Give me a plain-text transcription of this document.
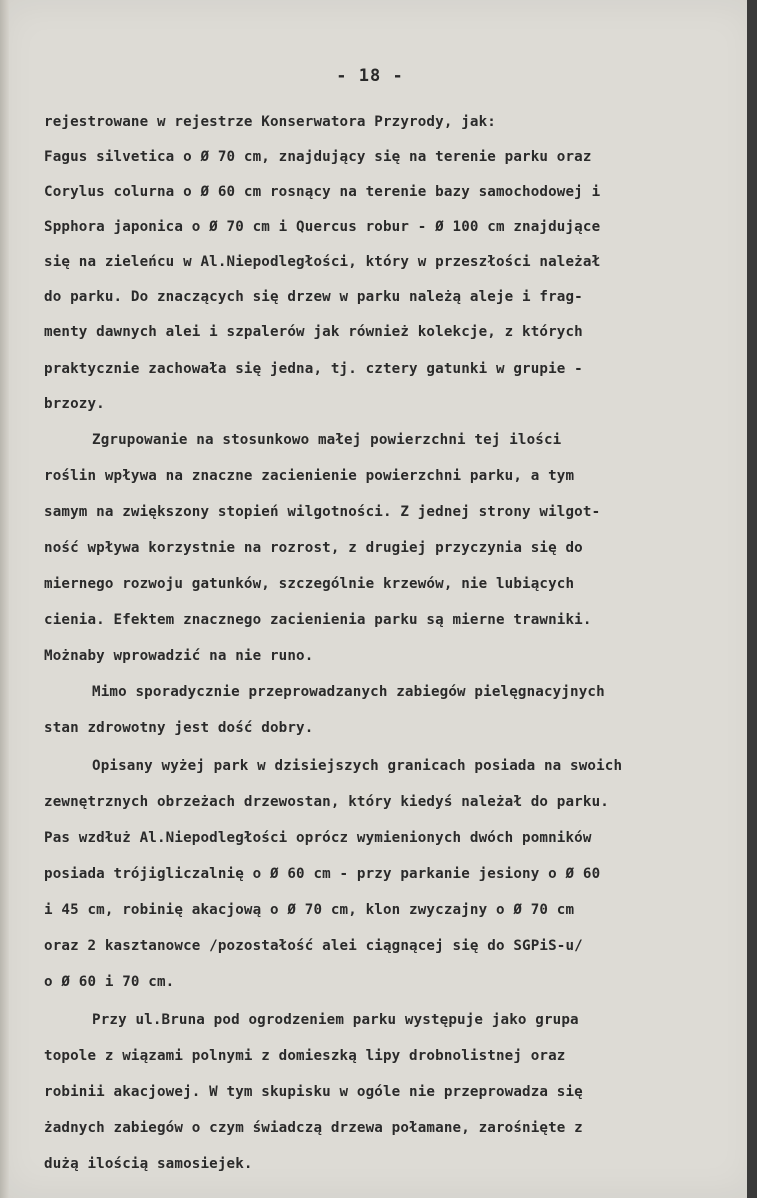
- 18 -
rejestrowane w rejestrze Konserwatora Przyrody, jak:
Fagus silvetica o Ø 70 cm, znajdujący się na terenie parku oraz
Corylus colurna o Ø 60 cm rosnący na terenie bazy samochodowej i
Spphora japonica o Ø 70 cm i Quercus robur - Ø 100 cm znajdujące
się na zieleńcu w Al.Niepodległości, który w przeszłości należał
do parku. Do znaczących się drzew w parku należą aleje i frag-
menty dawnych alei i szpalerów jak również kolekcje, z których
praktycznie zachowała się jedna, tj. cztery gatunki w grupie -
brzozy.
Zgrupowanie na stosunkowo małej powierzchni tej ilości
roślin wpływa na znaczne zacienienie powierzchni parku, a tym
samym na zwiększony stopień wilgotności. Z jednej strony wilgot-
ność wpływa korzystnie na rozrost, z drugiej przyczynia się do
miernego rozwoju gatunków, szczególnie krzewów, nie lubiących
cienia. Efektem znacznego zacienienia parku są mierne trawniki.
Możnaby wprowadzić na nie runo.
Mimo sporadycznie przeprowadzanych zabiegów pielęgnacyjnych
stan zdrowotny jest dość dobry.
Opisany wyżej park w dzisiejszych granicach posiada na swoich
zewnętrznych obrzeżach drzewostan, który kiedyś należał do parku.
Pas wzdłuż Al.Niepodległości oprócz wymienionych dwóch pomników
posiada trójigliczalnię o Ø 60 cm - przy parkanie jesiony o Ø 60
i 45 cm, robinię akacjową o Ø 70 cm, klon zwyczajny o Ø 70 cm
oraz 2 kasztanowce /pozostałość alei ciągnącej się do SGPiS-u/
o Ø 60 i 70 cm.
Przy ul.Bruna pod ogrodzeniem parku występuje jako grupa
topole z wiązami polnymi z domieszką lipy drobnolistnej oraz
robinii akacjowej. W tym skupisku w ogóle nie przeprowadza się
żadnych zabiegów o czym świadczą drzewa połamane, zarośnięte z
dużą ilością samosiejek.
